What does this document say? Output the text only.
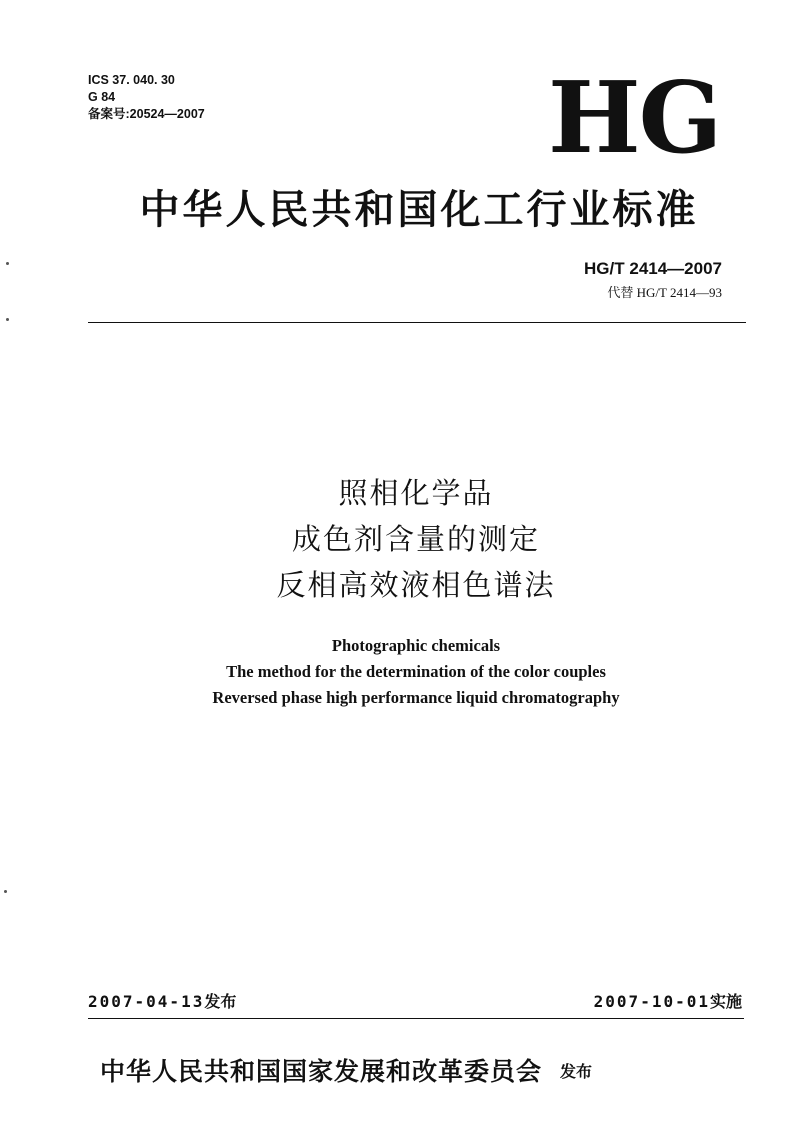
ICS 37. 040. 30
G 84
备案号:20524—2007	HG
中华人民共和国化工行业标准
HG/T 2414—2007
代替 HG/T 2414—93
照相化学品
成色剂含量的测定
反相高效液相色谱法
Photographic chemicals
The method for the determination of the color couples
Reversed phase high performance liquid chromatography
2007-04-13发布	2007-10-01实施
中华人民共和国国家发展和改革委员会 发布
